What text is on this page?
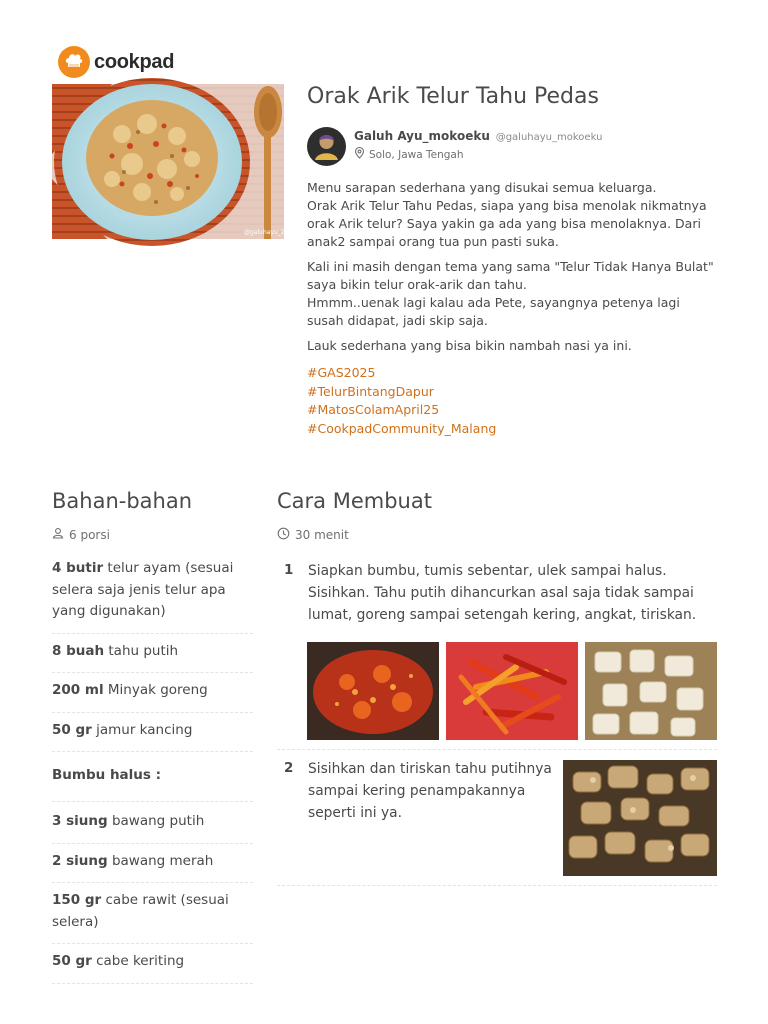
cookpad
@galuhayu_2025
Orak Arik Telur Tahu Pedas
Galuh Ayu_mokoeku @galuhayu_mokoeku
Solo, Jawa Tengah

Menu sarapan sederhana yang disukai semua keluarga.
Orak Arik Telur Tahu Pedas, siapa yang bisa menolak nikmatnya orak Arik telur? Saya yakin ga ada yang bisa menolaknya. Dari anak2 sampai orang tua pun pasti suka.

Kali ini masih dengan tema yang sama "Telur Tidak Hanya Bulat" saya bikin telur orak-arik dan tahu.
Hmmm..uenak lagi kalau ada Pete, sayangnya petenya lagi susah didapat, jadi skip saja.

Lauk sederhana yang bisa bikin nambah nasi ya ini.

#GAS2025
#TelurBintangDapur
#MatosColamApril25
#CookpadCommunity_Malang
Bahan-bahan
6 porsi
4 butir telur ayam (sesuai selera saja jenis telur apa yang digunakan)
8 buah tahu putih
200 ml Minyak goreng
50 gr jamur kancing
Bumbu halus :
3 siung bawang putih
2 siung bawang merah
150 gr cabe rawit (sesuai selera)
50 gr cabe keriting
Cara Membuat
30 menit
1 Siapkan bumbu, tumis sebentar, ulek sampai halus. Sisihkan. Tahu putih dihancurkan asal saja tidak sampai lumat, goreng sampai setengah kering, angkat, tiriskan.
2 Sisihkan dan tiriskan tahu putihnya sampai kering penampakannya seperti ini ya.
